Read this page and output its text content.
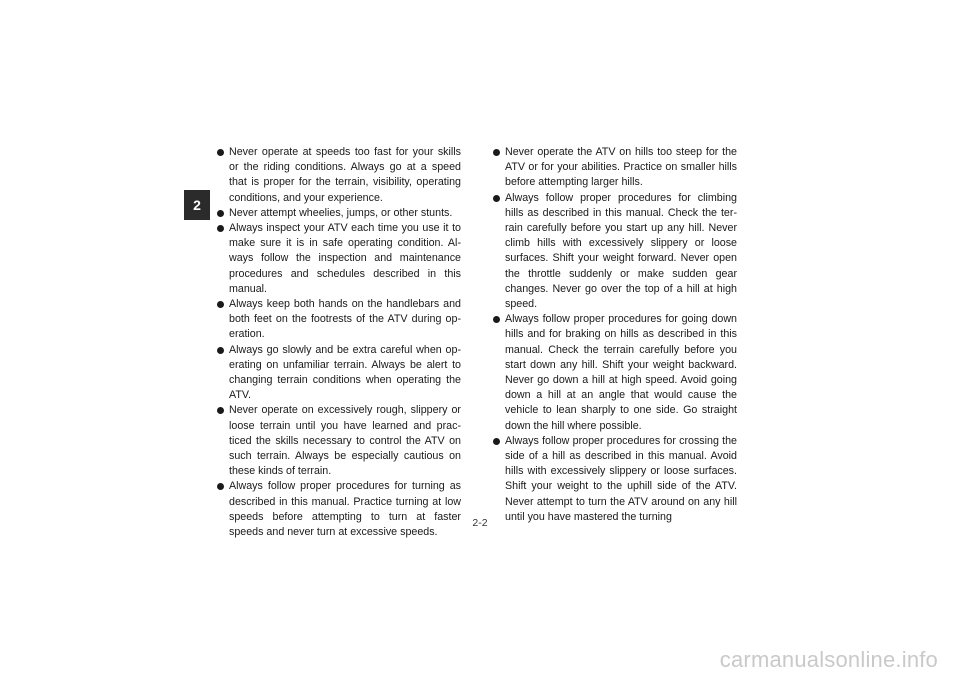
2
Never operate at speeds too fast for your skills or the riding conditions. Always go at a speed that is proper for the terrain, visibility, operating conditions, and your experience.
Never attempt wheelies, jumps, or other stunts.
Always inspect your ATV each time you use it to make sure it is in safe operating condition. Always follow the inspection and maintenance procedures and schedules described in this manual.
Always keep both hands on the handlebars and both feet on the footrests of the ATV during operation.
Always go slowly and be extra careful when operating on unfamiliar terrain. Always be alert to changing terrain conditions when operating the ATV.
Never operate on excessively rough, slippery or loose terrain until you have learned and practiced the skills necessary to control the ATV on such terrain. Always be especially cautious on these kinds of terrain.
Always follow proper procedures for turning as described in this manual. Practice turning at low speeds before attempting to turn at faster speeds and never turn at excessive speeds.
Never operate the ATV on hills too steep for the ATV or for your abilities. Practice on smaller hills before attempting larger hills.
Always follow proper procedures for climbing hills as described in this manual. Check the terrain carefully before you start up any hill. Never climb hills with excessively slippery or loose surfaces. Shift your weight forward. Never open the throttle suddenly or make sudden gear changes. Never go over the top of a hill at high speed.
Always follow proper procedures for going down hills and for braking on hills as described in this manual. Check the terrain carefully before you start down any hill. Shift your weight backward. Never go down a hill at high speed. Avoid going down a hill at an angle that would cause the vehicle to lean sharply to one side. Go straight down the hill where possible.
Always follow proper procedures for crossing the side of a hill as described in this manual. Avoid hills with excessively slippery or loose surfaces. Shift your weight to the uphill side of the ATV. Never attempt to turn the ATV around on any hill until you have mastered the turning
2-2
carmanualsonline.info
